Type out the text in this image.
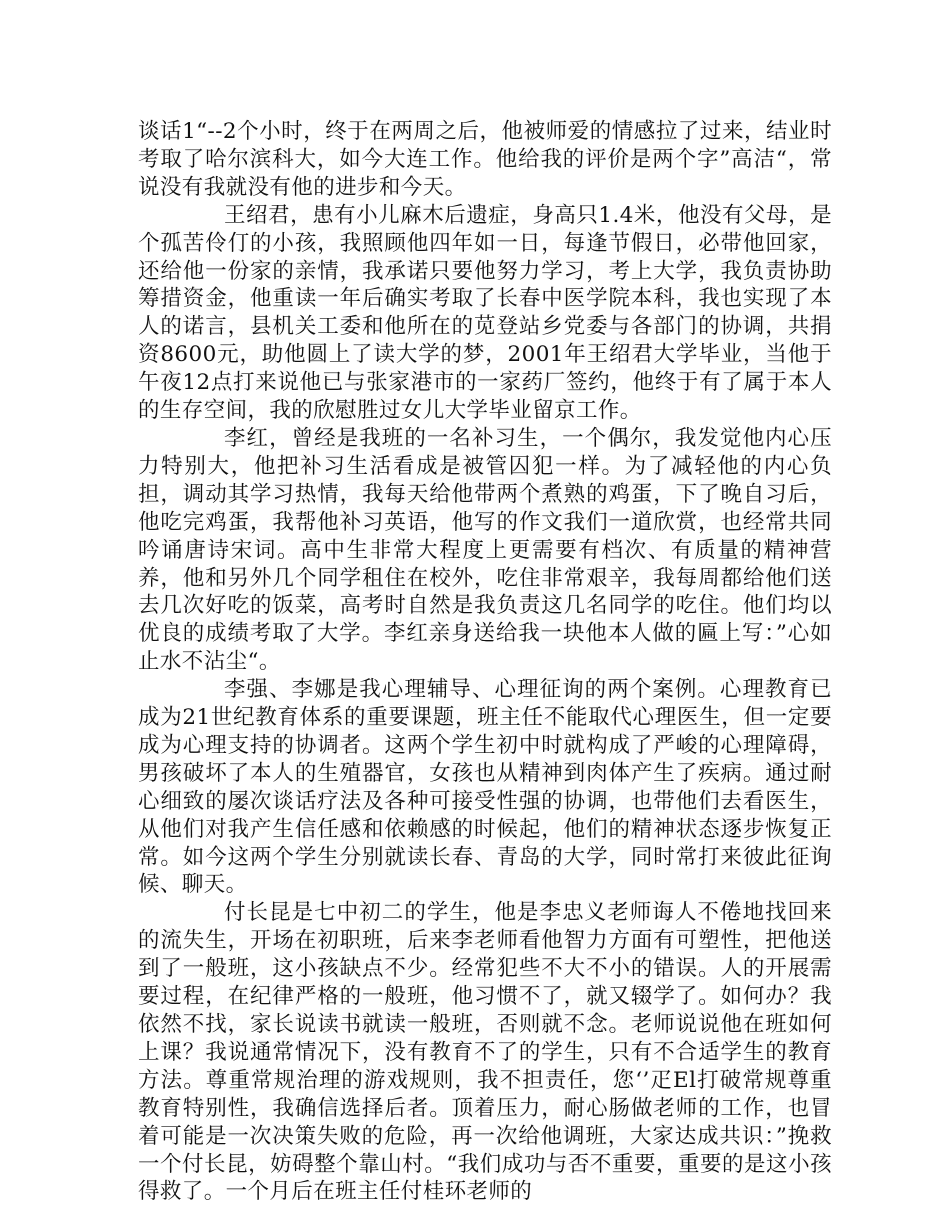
谈话1“--2个小时，终于在两周之后，他被师爱的情感拉了过来，结业时考取了哈尔滨科大，如今大连工作。他给我的评价是两个字”高洁“，常说没有我就没有他的进步和今天。

王绍君，患有小儿麻木后遗症，身高只1.4米，他没有父母，是个孤苦伶仃的小孩，我照顾他四年如一日，每逢节假日，必带他回家，还给他一份家的亲情，我承诺只要他努力学习，考上大学，我负责协助筹措资金，他重读一年后确实考取了长春中医学院本科，我也实现了本人的诺言，县机关工委和他所在的苋登站乡党委与各部门的协调，共捐资8600元，助他圆上了读大学的梦，2001年王绍君大学毕业，当他于午夜12点打来说他已与张家港市的一家药厂签约，他终于有了属于本人的生存空间，我的欣慰胜过女儿大学毕业留京工作。

李红，曾经是我班的一名补习生，一个偶尔，我发觉他内心压力特别大，他把补习生活看成是被管囚犯一样。为了减轻他的内心负担，调动其学习热情，我每天给他带两个煮熟的鸡蛋，下了晚自习后，他吃完鸡蛋，我帮他补习英语，他写的作文我们一道欣赏，也经常共同吟诵唐诗宋词。高中生非常大程度上更需要有档次、有质量的精神营养，他和另外几个同学租住在校外，吃住非常艰辛，我每周都给他们送去几次好吃的饭菜，高考时自然是我负责这几名同学的吃住。他们均以优良的成绩考取了大学。李红亲身送给我一块他本人做的匾上写：”心如止水不沾尘“。

李强、李娜是我心理辅导、心理征询的两个案例。心理教育已成为21世纪教育体系的重要课题，班主任不能取代心理医生，但一定要成为心理支持的协调者。这两个学生初中时就构成了严峻的心理障碍，男孩破坏了本人的生殖器官，女孩也从精神到肉体产生了疾病。通过耐心细致的屡次谈话疗法及各种可接受性强的协调，也带他们去看医生，从他们对我产生信任感和依赖感的时候起，他们的精神状态逐步恢复正常。如今这两个学生分别就读长春、青岛的大学，同时常打来彼此征询候、聊天。

付长昆是七中初二的学生，他是李忠义老师诲人不倦地找回来的流失生，开场在初职班，后来李老师看他智力方面有可塑性，把他送到了一般班，这小孩缺点不少。经常犯些不大不小的错误。人的开展需要过程，在纪律严格的一般班，他习惯不了，就又辍学了。如何办？我依然不找，家长说读书就读一般班，否则就不念。老师说说他在班如何上课？我说通常情况下，没有教育不了的学生，只有不合适学生的教育方法。尊重常规治理的游戏规则，我不担责任，您‘’疋El打破常规尊重教育特别性，我确信选择后者。顶着压力，耐心肠做老师的工作，也冒着可能是一次决策失败的危险，再一次给他调班，大家达成共识：”挽救一个付长昆，妨碍整个靠山村。“我们成功与否不重要，重要的是这小孩得救了。一个月后在班主任付桂环老师的
